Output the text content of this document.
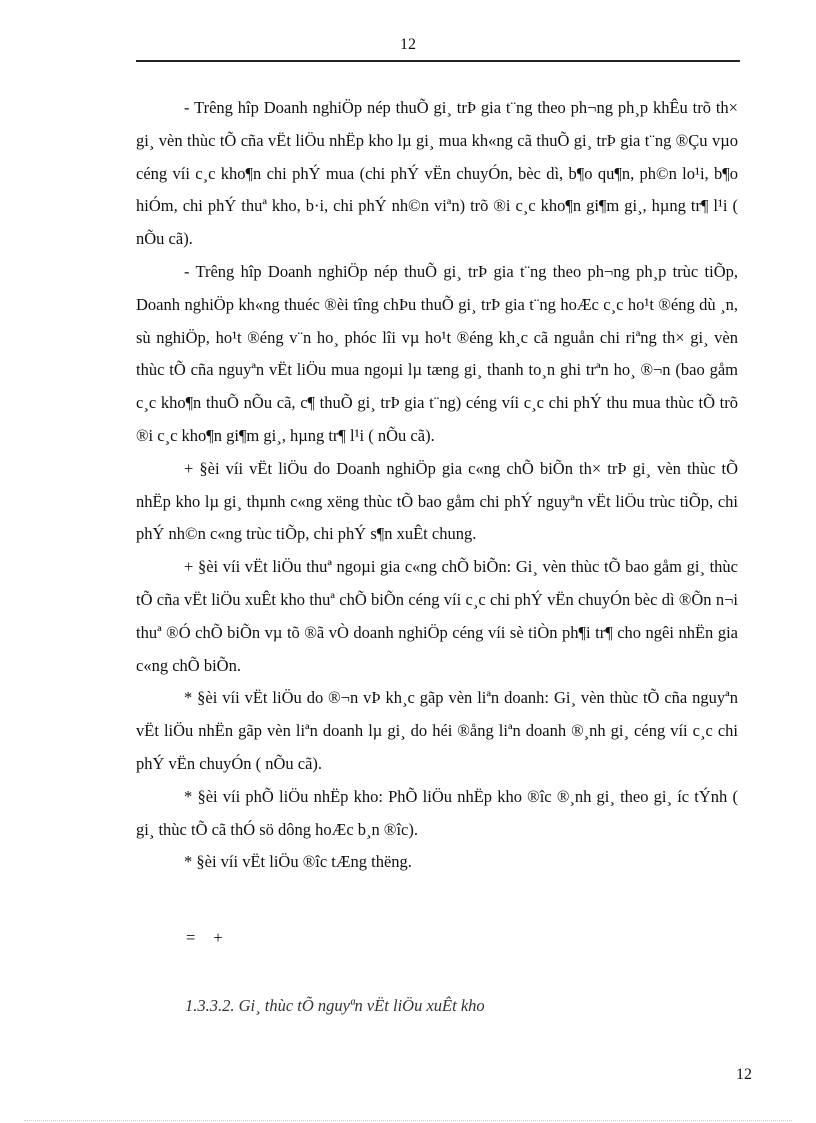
12

- Trêng hîp Doanh nghiÖp nép thuÕ gi¸ trÞ gia t¨ng theo ph¬ng ph¸p khÊu trõ th× gi¸ vèn thùc tÕ cña vËt liÖu nhËp kho lµ gi¸ mua kh«ng cã thuÕ gi¸ trÞ gia t¨ng ®Çu vµo céng víi c¸c kho¶n chi phÝ mua (chi phÝ vËn chuyÓn, bèc dì, b¶o qu¶n, ph©n lo¹i, b¶o hiÓm, chi phÝ thuª kho, b·i, chi phÝ nh©n viªn) trõ ®i c¸c kho¶n gi¶m gi¸, hµng tr¶ l¹i ( nÕu cã).

- Trêng hîp Doanh nghiÖp nép thuÕ gi¸ trÞ gia t¨ng theo ph¬ng ph¸p trùc tiÕp, Doanh nghiÖp kh«ng thuéc ®èi tîng chÞu thuÕ gi¸ trÞ gia t¨ng hoÆc c¸c ho¹t ®éng dù ¸n, sù nghiÖp, ho¹t ®éng v¨n ho¸ phóc lîi vµ ho¹t ®éng kh¸c cã nguån chi riªng th× gi¸ vèn thùc tÕ cña nguyªn vËt liÖu mua ngoµi lµ tæng gi¸ thanh to¸n ghi trªn ho¸ ®¬n (bao gåm c¸c kho¶n thuÕ nÕu cã, c¶ thuÕ gi¸ trÞ gia t¨ng) céng víi c¸c chi phÝ thu mua thùc tÕ trõ ®i c¸c kho¶n gi¶m gi¸, hµng tr¶ l¹i ( nÕu cã).

+ §èi víi vËt liÖu do Doanh nghiÖp gia c«ng chÕ biÕn th× trÞ gi¸ vèn thùc tÕ nhËp kho lµ gi¸ thµnh c«ng xëng thùc tÕ bao gåm chi phÝ nguyªn vËt liÖu trùc tiÕp, chi phÝ nh©n c«ng trùc tiÕp, chi phÝ s¶n xuÊt chung.

+ §èi víi vËt liÖu thuª ngoµi gia c«ng chÕ biÕn: Gi¸ vèn thùc tÕ bao gåm gi¸ thùc tÕ cña vËt liÖu xuÊt kho thuª chÕ biÕn céng víi c¸c chi phÝ vËn chuyÓn bèc dì ®Õn n¬i thuª ®Ó chÕ biÕn vµ tõ ®ã vÒ doanh nghiÖp céng víi sè tiÒn ph¶i tr¶ cho ngêi nhËn gia c«ng chÕ biÕn.

* §èi víi vËt liÖu do ®¬n vÞ kh¸c gãp vèn liªn doanh: Gi¸ vèn thùc tÕ cña nguyªn vËt liÖu nhËn gãp vèn liªn doanh lµ gi¸ do héi ®ång liªn doanh ®¸nh gi¸ céng víi c¸c chi phÝ vËn chuyÓn ( nÕu cã).

* §èi víi phÕ liÖu nhËp kho: PhÕ liÖu nhËp kho ®îc ®¸nh gi¸ theo gi¸ íc tÝnh ( gi¸ thùc tÕ cã thÓ sö dông hoÆc b¸n ®îc).

* §èi víi vËt liÖu ®îc tÆng thëng.

= +
1.3.3.2. Gi¸ thùc tÕ nguyªn vËt liÖu xuÊt kho
12
